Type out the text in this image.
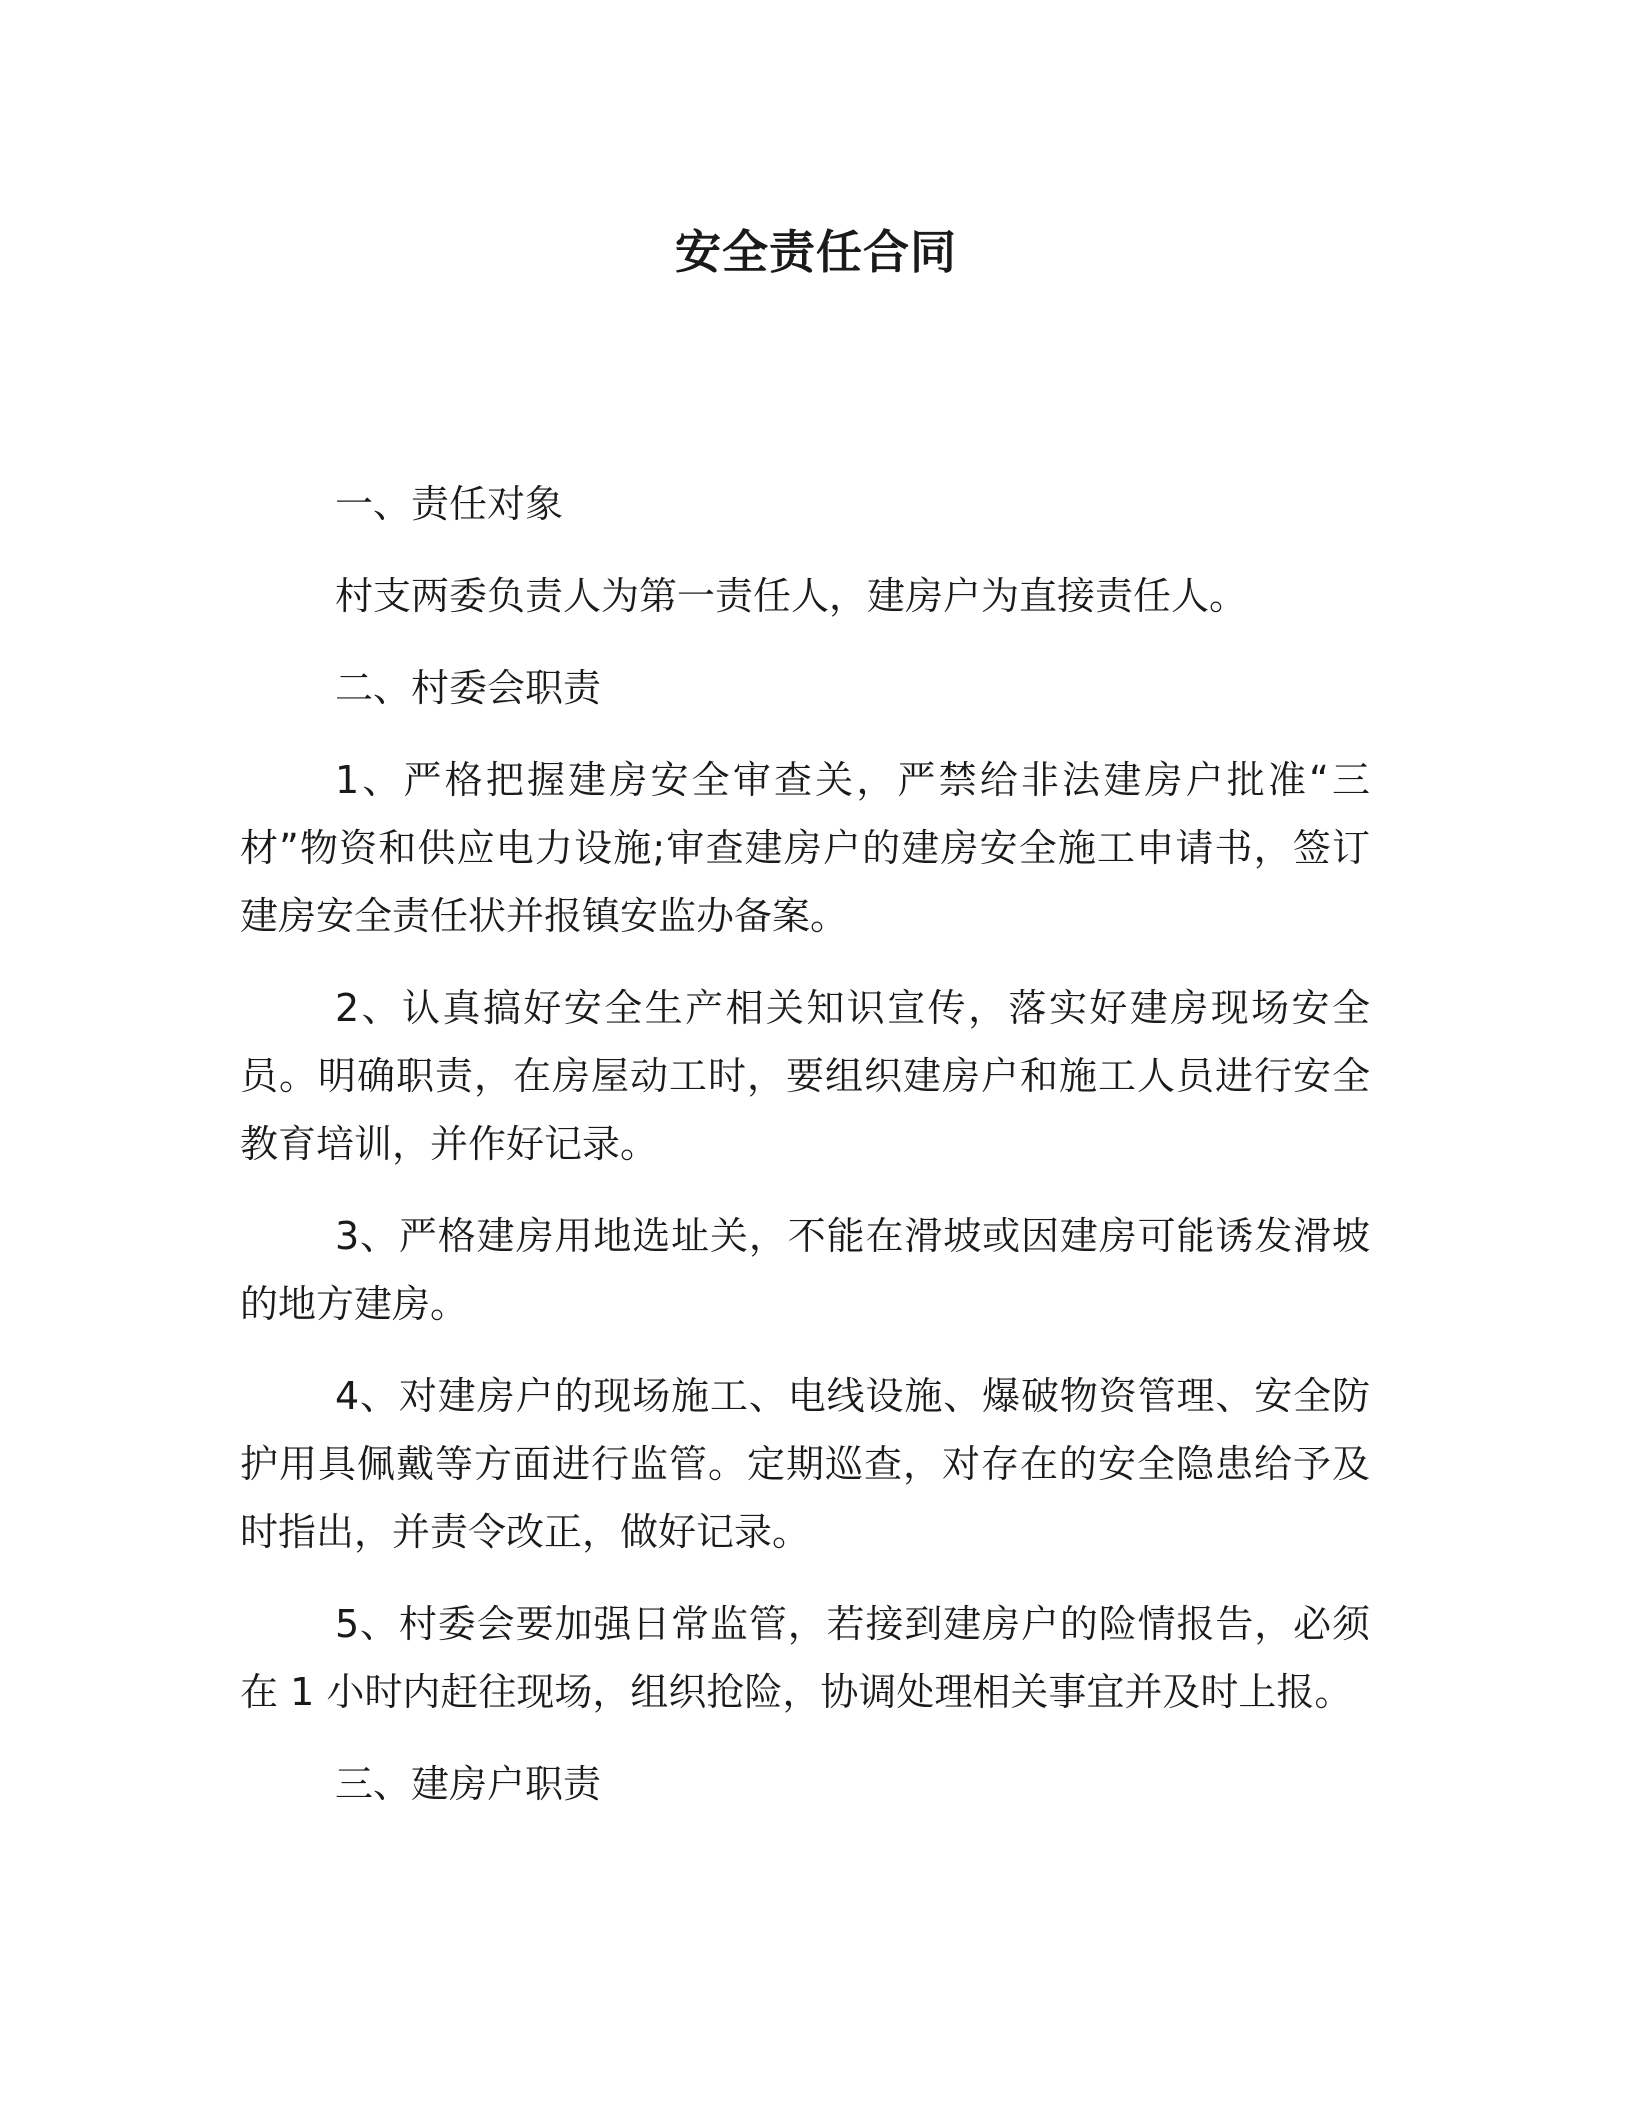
安全责任合同

一、责任对象

村支两委负责人为第一责任人，建房户为直接责任人。

二、村委会职责

1、严格把握建房安全审查关，严禁给非法建房户批准“三材”物资和供应电力设施;审查建房户的建房安全施工申请书，签订建房安全责任状并报镇安监办备案。

2、认真搞好安全生产相关知识宣传，落实好建房现场安全员。明确职责，在房屋动工时，要组织建房户和施工人员进行安全教育培训，并作好记录。

3、严格建房用地选址关，不能在滑坡或因建房可能诱发滑坡的地方建房。

4、对建房户的现场施工、电线设施、爆破物资管理、安全防护用具佩戴等方面进行监管。定期巡查，对存在的安全隐患给予及时指出，并责令改正，做好记录。

5、村委会要加强日常监管，若接到建房户的险情报告，必须在 1 小时内赶往现场，组织抢险，协调处理相关事宜并及时上报。

三、建房户职责
